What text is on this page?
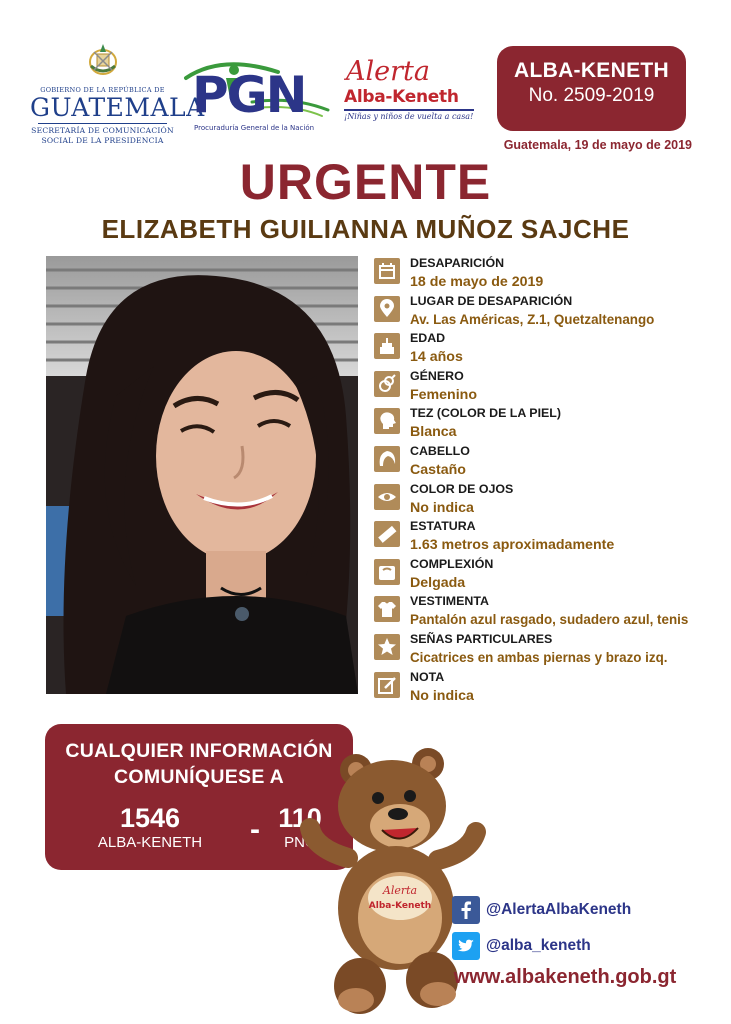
GOBIERNO DE LA REPÚBLICA DE
GUATEMALA
SECRETARÍA DE COMUNICACIÓN
SOCIAL DE LA PRESIDENCIA
PGN
Procuraduría General de la Nación
Alerta
Alba-Keneth
¡Niñas y niños de vuelta a casa!
ALBA-KENETH
No. 2509-2019
Guatemala, 19 de mayo de 2019
URGENTE
ELIZABETH GUILIANNA MUÑOZ SAJCHE
DESAPARICIÓN
18 de mayo de 2019
LUGAR DE DESAPARICIÓN
Av. Las Américas, Z.1, Quetzaltenango
EDAD
14 años
GÉNERO
Femenino
TEZ (COLOR DE LA PIEL)
Blanca
CABELLO
Castaño
COLOR DE OJOS
No indica
ESTATURA
1.63 metros aproximadamente
COMPLEXIÓN
Delgada
VESTIMENTA
Pantalón azul rasgado, sudadero azul, tenis
SEÑAS PARTICULARES
Cicatrices en ambas piernas y brazo izq.
NOTA
No indica
CUALQUIER INFORMACIÓN
COMUNÍQUESE A
1546
ALBA-KENETH	- 110
PNC
Alerta
Alba-Keneth	@AlertaAlbaKeneth
@alba_keneth
www.albakeneth.gob.gt
